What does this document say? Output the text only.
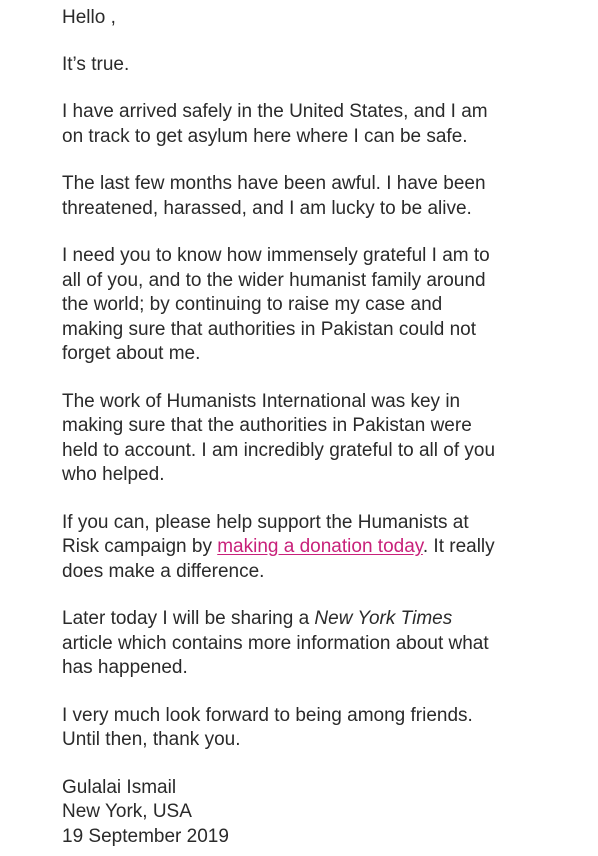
Hello ,

It’s true.

I have arrived safely in the United States, and I am
on track to get asylum here where I can be safe.

The last few months have been awful. I have been
threatened, harassed, and I am lucky to be alive.

I need you to know how immensely grateful I am to
all of you, and to the wider humanist family around
the world; by continuing to raise my case and
making sure that authorities in Pakistan could not
forget about me.

The work of Humanists International was key in
making sure that the authorities in Pakistan were
held to account. I am incredibly grateful to all of you
who helped.

If you can, please help support the Humanists at
Risk campaign by making a donation today. It really
does make a difference.

Later today I will be sharing a New York Times
article which contains more information about what
has happened.

I very much look forward to being among friends.
Until then, thank you.

Gulalai Ismail
New York, USA
19 September 2019
